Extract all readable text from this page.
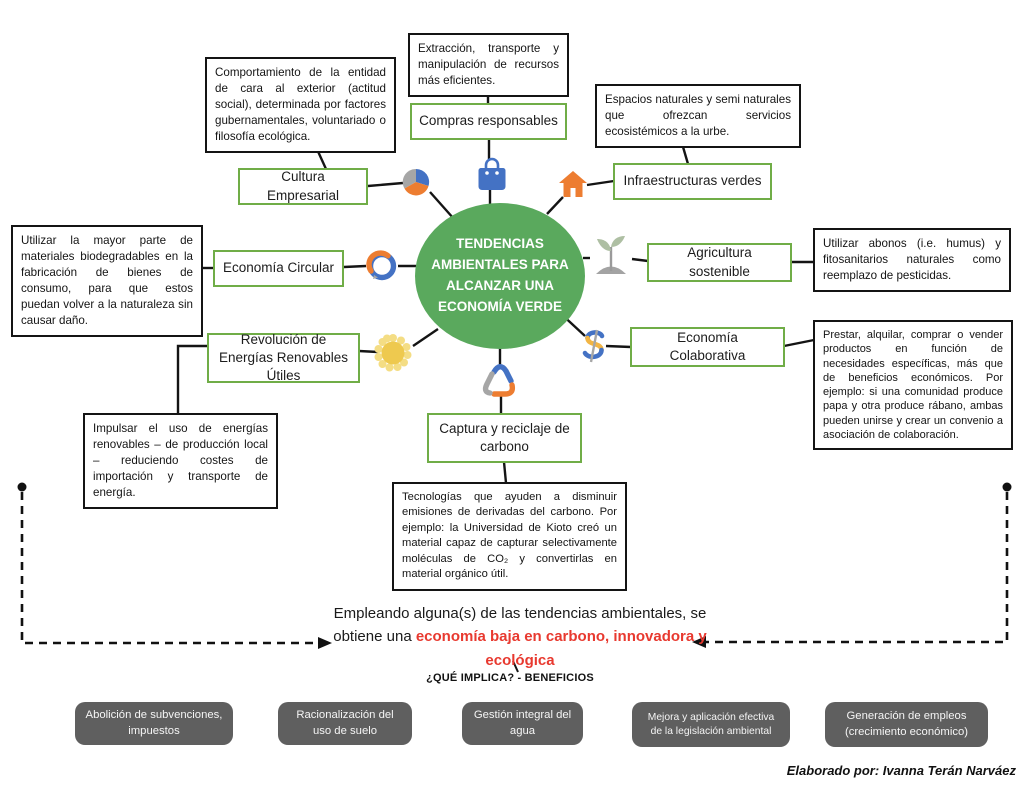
TENDENCIAS AMBIENTALES PARA ALCANZAR UNA ECONOMÍA VERDE
Extracción, transporte y manipulación de recursos más eficientes.
Compras responsables
Espacios naturales y semi naturales que ofrezcan servicios ecosistémicos a la urbe.
Infraestructuras verdes
Agricultura sostenible
Utilizar abonos (i.e. humus) y fitosanitarios naturales como reemplazo de pesticidas.
Economía Colaborativa
Prestar, alquilar, comprar o vender productos en función de necesidades específicas, más que de beneficios económicos. Por ejemplo: si una comunidad produce papa y otra produce rábano, ambas pueden unirse y crear un convenio a asociación de colaboración.
Captura y reciclaje de carbono
Tecnologías que ayuden a disminuir emisiones de derivadas del carbono. Por ejemplo: la Universidad de Kioto creó un material capaz de capturar selectivamente moléculas de CO₂ y convertirlas en material orgánico útil.
Revolución de Energías Renovables Útiles
Impulsar el uso de energías renovables – de producción local – reduciendo costes de importación y transporte de energía.
Economía Circular
Utilizar la mayor parte de materiales biodegradables en la fabricación de bienes de consumo, para que estos puedan volver a la naturaleza sin causar daño.
Comportamiento de la entidad de cara al exterior (actitud social), determinada por factores gubernamentales, voluntariado o filosofía ecológica.
Cultura Empresarial
Empleando alguna(s) de las tendencias ambientales, se obtiene una economía baja en carbono, innovadora y ecológica
¿QUÉ IMPLICA? - BENEFICIOS
Abolición de subvenciones, impuestos
Racionalización del uso de suelo
Gestión integral del agua
Mejora y aplicación efectiva de la legislación ambiental
Generación de empleos (crecimiento económico)
Elaborado por: Ivanna Terán Narváez
